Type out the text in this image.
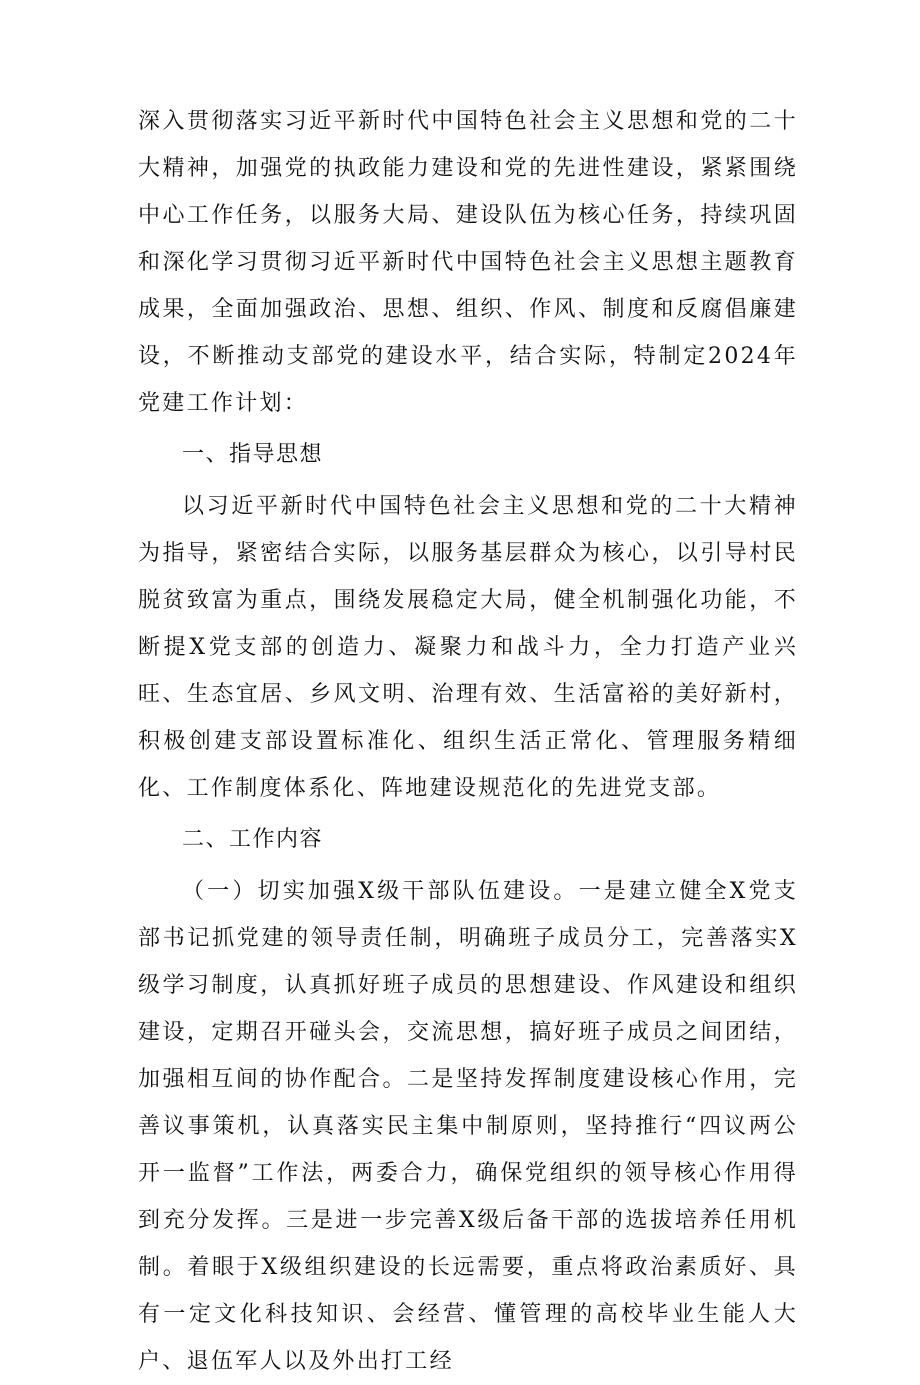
深入贯彻落实习近平新时代中国特色社会主义思想和党的二十大精神，加强党的执政能力建设和党的先进性建设，紧紧围绕中心工作任务，以服务大局、建设队伍为核心任务，持续巩固和深化学习贯彻习近平新时代中国特色社会主义思想主题教育成果，全面加强政治、思想、组织、作风、制度和反腐倡廉建设，不断推动支部党的建设水平，结合实际，特制定2024年党建工作计划：

一、指导思想

以习近平新时代中国特色社会主义思想和党的二十大精神为指导，紧密结合实际，以服务基层群众为核心，以引导村民脱贫致富为重点，围绕发展稳定大局，健全机制强化功能，不断提X党支部的创造力、凝聚力和战斗力，全力打造产业兴旺、生态宜居、乡风文明、治理有效、生活富裕的美好新村，积极创建支部设置标准化、组织生活正常化、管理服务精细化、工作制度体系化、阵地建设规范化的先进党支部。

二、工作内容

（一）切实加强X级干部队伍建设。一是建立健全X党支部书记抓党建的领导责任制，明确班子成员分工，完善落实X级学习制度，认真抓好班子成员的思想建设、作风建设和组织建设，定期召开碰头会，交流思想，搞好班子成员之间团结，加强相互间的协作配合。二是坚持发挥制度建设核心作用，完善议事策机，认真落实民主集中制原则，坚持推行“四议两公开一监督”工作法，两委合力，确保党组织的领导核心作用得到充分发挥。三是进一步完善X级后备干部的选拔培养任用机制。着眼于X级组织建设的长远需要，重点将政治素质好、具有一定文化科技知识、会经营、懂管理的高校毕业生能人大户、退伍军人以及外出打工经
